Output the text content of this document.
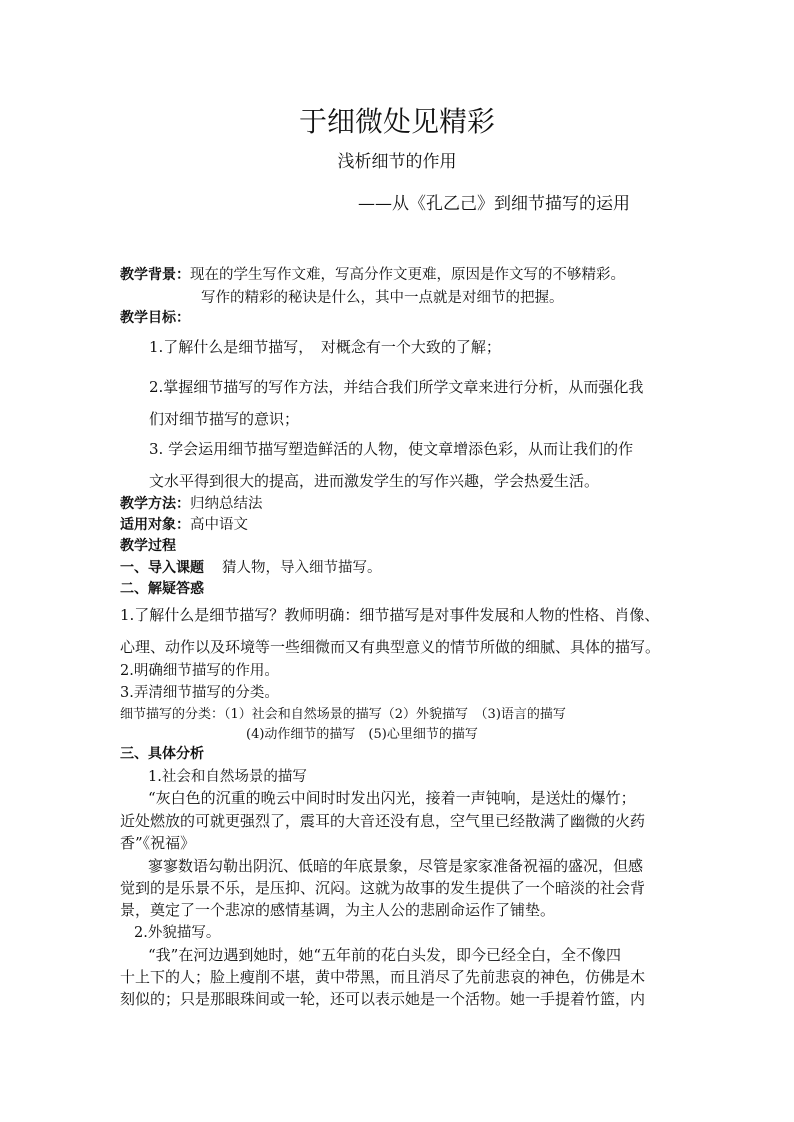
于细微处见精彩
浅析细节的作用
——从《孔乙己》到细节描写的运用
教学背景：现在的学生写作文难，写高分作文更难，原因是作文写的不够精彩。
写作的精彩的秘诀是什么，其中一点就是对细节的把握。
教学目标：
1.了解什么是细节描写，　对概念有一个大致的了解；
2.掌握细节描写的写作方法，并结合我们所学文章来进行分析，从而强化我
们对细节描写的意识；
3. 学会运用细节描写塑造鲜活的人物，使文章增添色彩，从而让我们的作
文水平得到很大的提高，进而激发学生的写作兴趣，学会热爱生活。
教学方法：归纳总结法
适用对象：高中语文
教学过程
一、导入课题 猜人物，导入细节描写。
二、解疑答惑
1.了解什么是细节描写？教师明确：细节描写是对事件发展和人物的性格、肖像、
心理、动作以及环境等一些细微而又有典型意义的情节所做的细腻、具体的描写。
2.明确细节描写的作用。
3.弄清细节描写的分类。
细节描写的分类：（1）社会和自然场景的描写（2）外貌描写　（3)语言的描写
(4)动作细节的描写　(5)心里细节的描写
三、具体分析
1.社会和自然场景的描写
“灰白色的沉重的晚云中间时时发出闪光，接着一声钝响，是送灶的爆竹；
近处燃放的可就更强烈了，震耳的大音还没有息，空气里已经散满了幽微的火药
香”《祝福》
寥寥数语勾勒出阴沉、低暗的年底景象，尽管是家家准备祝福的盛况，但感
觉到的是乐景不乐，是压抑、沉闷。这就为故事的发生提供了一个暗淡的社会背
景，奠定了一个悲凉的感情基调，为主人公的悲剧命运作了铺垫。
2.外貌描写。
“我”在河边遇到她时，她“五年前的花白头发，即今已经全白，全不像四
十上下的人；脸上瘦削不堪，黄中带黑，而且消尽了先前悲哀的神色，仿佛是木
刻似的；只是那眼珠间或一轮，还可以表示她是一个活物。她一手提着竹篮，内
